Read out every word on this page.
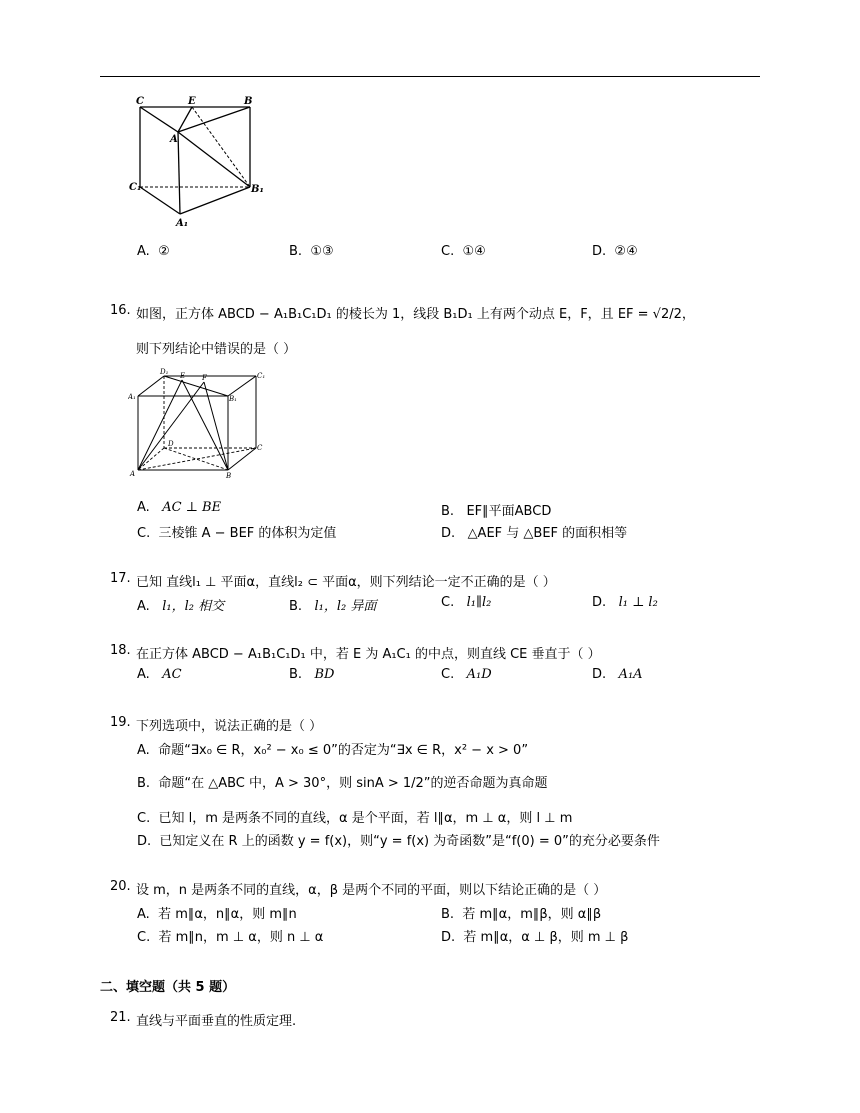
C	E	B
A
C₁	B₁
A₁
A. ②	B. ①③	C. ①④	D. ②④
16. 如图，正方体 ABCD − A₁B₁C₁D₁ 的棱长为 1，线段 B₁D₁ 上有两个动点 E，F，且 EF = √2/2，
则下列结论中错误的是（ ）
D₁ E F	C₁
A₁	B₁
D	C
A	B
A. AC ⊥ BE	B. EF∥平面ABCD
C. 三棱锥 A − BEF 的体积为定值	D. △AEF 与 △BEF 的面积相等
17. 已知 直线l₁ ⊥ 平面α，直线l₂ ⊂ 平面α，则下列结论一定不正确的是（ ）
A. l₁，l₂ 相交	B. l₁，l₂ 异面	C. l₁∥l₂	D. l₁ ⊥ l₂
18. 在正方体 ABCD − A₁B₁C₁D₁ 中，若 E 为 A₁C₁ 的中点，则直线 CE 垂直于（ ）
A. AC	B. BD	C. A₁D	D. A₁A
19. 下列选项中，说法正确的是（ ）
A. 命题“∃x₀ ∈ R，x₀² − x₀ ≤ 0”的否定为“∃x ∈ R，x² − x > 0”
B. 命题“在 △ABC 中，A > 30°，则 sinA > 1/2”的逆否命题为真命题
C. 已知 l，m 是两条不同的直线，α 是个平面，若 l∥α，m ⊥ α，则 l ⊥ m
D. 已知定义在 R 上的函数 y = f(x)，则“y = f(x) 为奇函数”是“f(0) = 0”的充分必要条件
20. 设 m，n 是两条不同的直线，α，β 是两个不同的平面，则以下结论正确的是（ ）
A. 若 m∥α，n∥α，则 m∥n	B. 若 m∥α，m∥β，则 α∥β
C. 若 m∥n，m ⊥ α，则 n ⊥ α	D. 若 m∥α，α ⊥ β，则 m ⊥ β
二、填空题（共 5 题）
21. 直线与平面垂直的性质定理.
